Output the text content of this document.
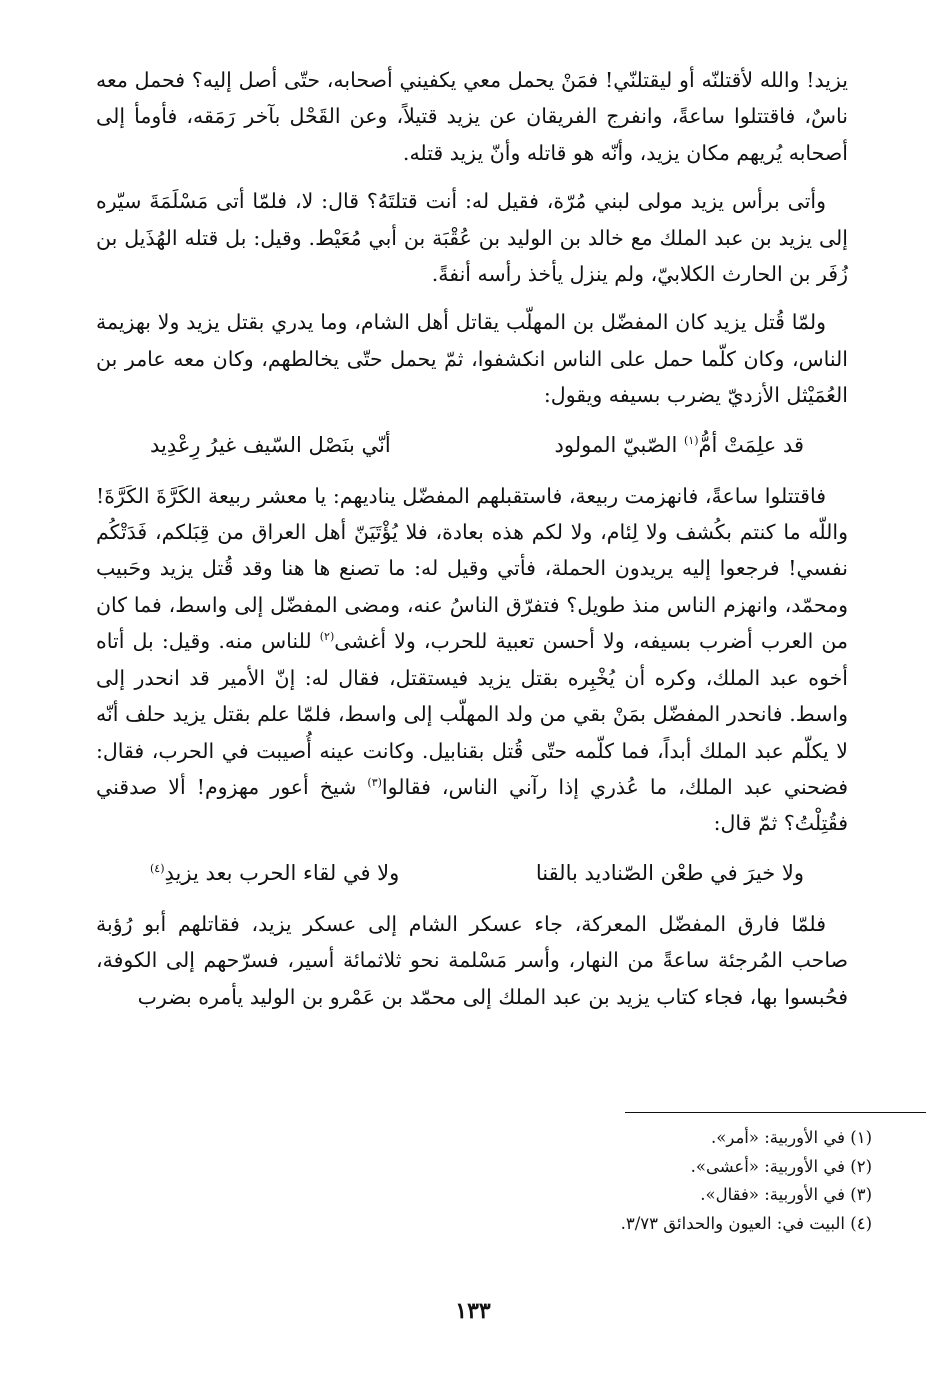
يزيد! والله لأقتلنّه أو ليقتلنّي! فمَنْ يحمل معي يكفيني أصحابه، حتّى أصل إليه؟ فحمل معه ناسٌ، فاقتتلوا ساعةً، وانفرج الفريقان عن يزيد قتيلاً، وعن القَحْل بآخر رَمَقه، فأومأ إلى أصحابه يُريهم مكان يزيد، وأنّه هو قاتله وأنّ يزيد قتله.

وأتى برأس يزيد مولى لبني مُرّة، فقيل له: أنت قتلتَهُ؟ قال: لا، فلمّا أتى مَسْلَمَةَ سيّره إلى يزيد بن عبد الملك مع خالد بن الوليد بن عُقْبَة بن أبي مُعَيْط. وقيل: بل قتله الهُذَيل بن زُفَر بن الحارث الكلابيّ، ولم ينزل يأخذ رأسه أنفةً.

ولمّا قُتل يزيد كان المفضّل بن المهلّب يقاتل أهل الشام، وما يدري بقتل يزيد ولا بهزيمة الناس، وكان كلّما حمل على الناس انكشفوا، ثمّ يحمل حتّى يخالطهم، وكان معه عامر بن العُمَيْثل الأزديّ يضرب بسيفه ويقول:

قد علِمَتْ أمُّ$^{(١)}$ الصّبيّ المولود
أنّي بنَصْل السّيف غيرُ رِعْدِيد

فاقتتلوا ساعةً، فانهزمت ربيعة، فاستقبلهم المفضّل يناديهم: يا معشر ربيعة الكَرَّةَ الكَرَّةَ! واللّه ما كنتم بكُشف ولا لِئام، ولا لكم هذه بعادة، فلا يُؤْتَيَنّ أهل العراق من قِبَلكم، فَدَتْكُم نفسي! فرجعوا إليه يريدون الحملة، فأتي وقيل له: ما تصنع ها هنا وقد قُتل يزيد وحَبيب ومحمّد، وانهزم الناس منذ طويل؟ فتفرّق الناسُ عنه، ومضى المفضّل إلى واسط، فما كان من العرب أضرب بسيفه، ولا أحسن تعبية للحرب، ولا أغشى$^{(٢)}$ للناس منه. وقيل: بل أتاه أخوه عبد الملك، وكره أن يُخْبِره بقتل يزيد فيستقتل، فقال له: إنّ الأمير قد انحدر إلى واسط. فانحدر المفضّل بمَنْ بقي من ولد المهلّب إلى واسط، فلمّا علم بقتل يزيد حلف أنّه لا يكلّم عبد الملك أبداً، فما كلّمه حتّى قُتل بقنابيل. وكانت عينه أُصيبت في الحرب، فقال: فضحني عبد الملك، ما عُذري إذا رآني الناس، فقالوا$^{(٣)}$ شيخ أعور مهزوم! ألا صدقني فقُتِلْتُ؟ ثمّ قال:

ولا خيرَ في طعْن الصّناديد بالقنا
ولا في لقاء الحرب بعد يزيدِ$^{(٤)}$

فلمّا فارق المفضّل المعركة، جاء عسكر الشام إلى عسكر يزيد، فقاتلهم أبو رُؤبة صاحب المُرجئة ساعةً من النهار، وأسر مَسْلمة نحو ثلاثمائة أسير، فسرّحهم إلى الكوفة، فحُبسوا بها، فجاء كتاب يزيد بن عبد الملك إلى محمّد بن عَمْرو بن الوليد يأمره بضرب

(١) في الأوربية: «أمر».
(٢) في الأوربية: «أعشى».
(٣) في الأوربية: «فقال».
(٤) البيت في: العيون والحدائق ٣/٧٣.
١٣٣
